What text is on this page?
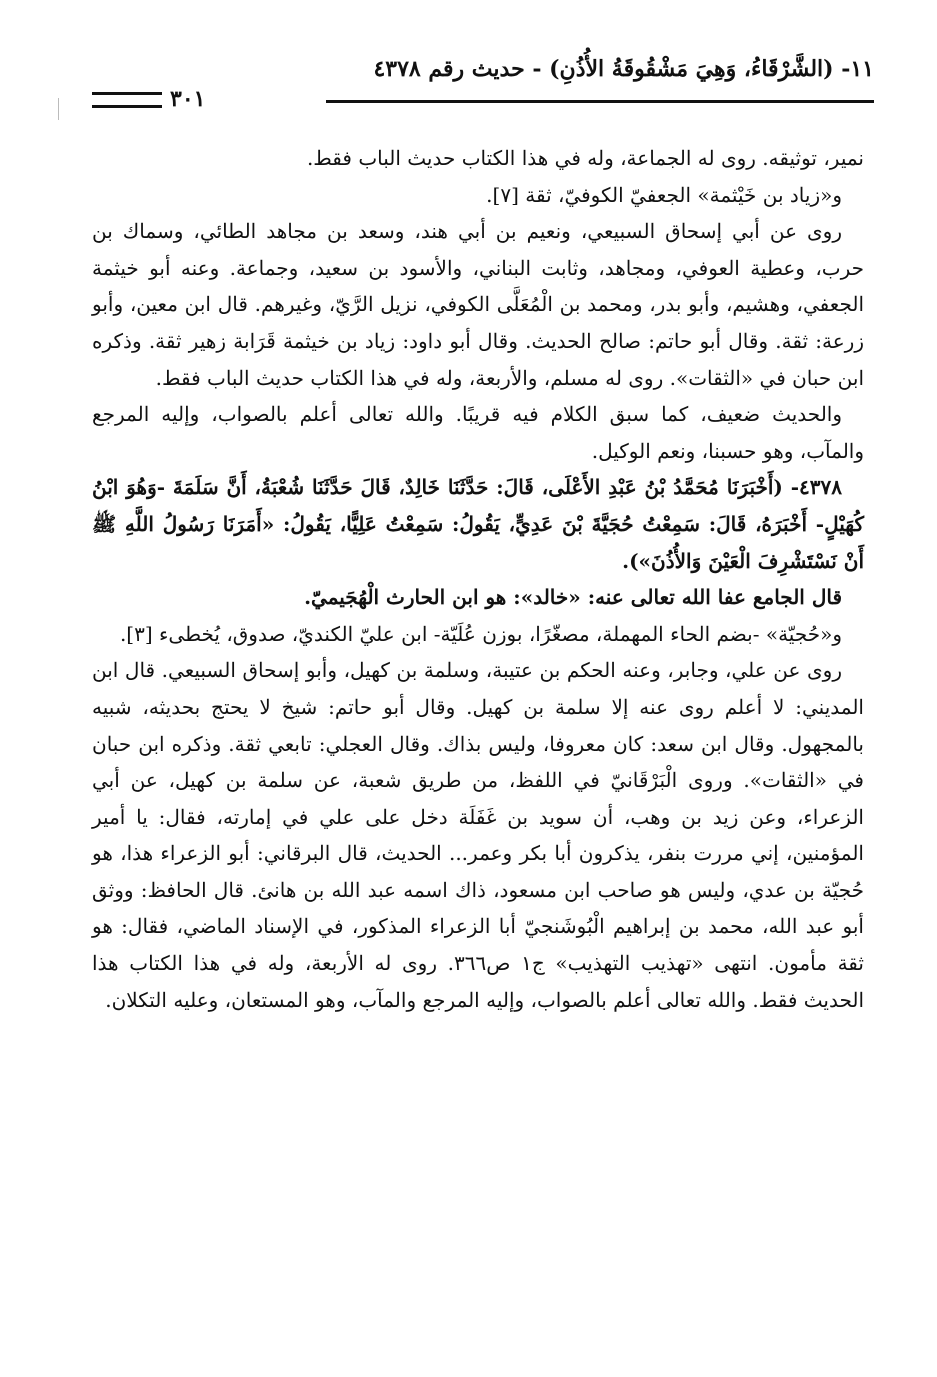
١١- (الشَّرْقَاءُ، وَهِيَ مَشْقُوقَةُ الأُذُنِ) - حديث رقم ٤٣٧٨
٣٠١

نمير، توثيقه. روى له الجماعة، وله في هذا الكتاب حديث الباب فقط.

و«زياد بن خَيْثمة» الجعفيّ الكوفيّ، ثقة [٧].

روى عن أبي إسحاق السبيعي، ونعيم بن أبي هند، وسعد بن مجاهد الطائي، وسماك بن حرب، وعطية العوفي، ومجاهد، وثابت البناني، والأسود بن سعيد، وجماعة. وعنه أبو خيثمة الجعفي، وهشيم، وأبو بدر، ومحمد بن الْمُعَلَّى الكوفي، نزيل الرَّيّ، وغيرهم. قال ابن معين، وأبو زرعة: ثقة. وقال أبو حاتم: صالح الحديث. وقال أبو داود: زياد بن خيثمة قَرَابة زهير ثقة. وذكره ابن حبان في «الثقات». روى له مسلم، والأربعة، وله في هذا الكتاب حديث الباب فقط.

والحديث ضعيف، كما سبق الكلام فيه قريبًا. والله تعالى أعلم بالصواب، وإليه المرجع والمآب، وهو حسبنا، ونعم الوكيل.

٤٣٧٨- (أَخْبَرَنَا مُحَمَّدُ بْنُ عَبْدِ الأَعْلَى، قَالَ: حَدَّثَنَا خَالِدٌ، قَالَ حَدَّثَنَا شُعْبَةُ، أَنَّ سَلَمَةَ -وَهُوَ ابْنُ كُهَيْلٍ- أَخْبَرَهُ، قَالَ: سَمِعْتُ حُجَيَّةَ بْنَ عَدِيٍّ، يَقُولُ: سَمِعْتُ عَلِيًّا، يَقُولُ: «أَمَرَنَا رَسُولُ اللَّهِ ﷺ أَنْ نَسْتَشْرِفَ الْعَيْنَ وَالأُذُنَ»).

قال الجامع عفا الله تعالى عنه: «خالد»: هو ابن الحارث الْهُجَيميّ.

و«حُجيّة» -بضم الحاء المهملة، مصغّرًا، بوزن عُلَيّة- ابن عليّ الكنديّ، صدوق، يُخطىء [٣].

روى عن علي، وجابر، وعنه الحكم بن عتيبة، وسلمة بن كهيل، وأبو إسحاق السبيعي. قال ابن المديني: لا أعلم روى عنه إلا سلمة بن كهيل. وقال أبو حاتم: شيخ لا يحتج بحديثه، شبيه بالمجهول. وقال ابن سعد: كان معروفا، وليس بذاك. وقال العجلي: تابعي ثقة. وذكره ابن حبان في «الثقات». وروى الْبَرْقَانيّ في اللفظ، من طريق شعبة، عن سلمة بن كهيل، عن أبي الزعراء، وعن زيد بن وهب، أن سويد بن غَفَلَة دخل على علي في إمارته، فقال: يا أمير المؤمنين، إني مررت بنفر، يذكرون أبا بكر وعمر... الحديث، قال البرقاني: أبو الزعراء هذا، هو حُجيّة بن عدي، وليس هو صاحب ابن مسعود، ذاك اسمه عبد الله بن هانئ. قال الحافظ: ووثق أبو عبد الله، محمد بن إبراهيم الْبُوشَنجيّ أبا الزعراء المذكور، في الإسناد الماضي، فقال: هو ثقة مأمون. انتهى «تهذيب التهذيب» ج١ ص٣٦٦. روى له الأربعة، وله في هذا الكتاب هذا الحديث فقط. والله تعالى أعلم بالصواب، وإليه المرجع والمآب، وهو المستعان، وعليه التكلان.
